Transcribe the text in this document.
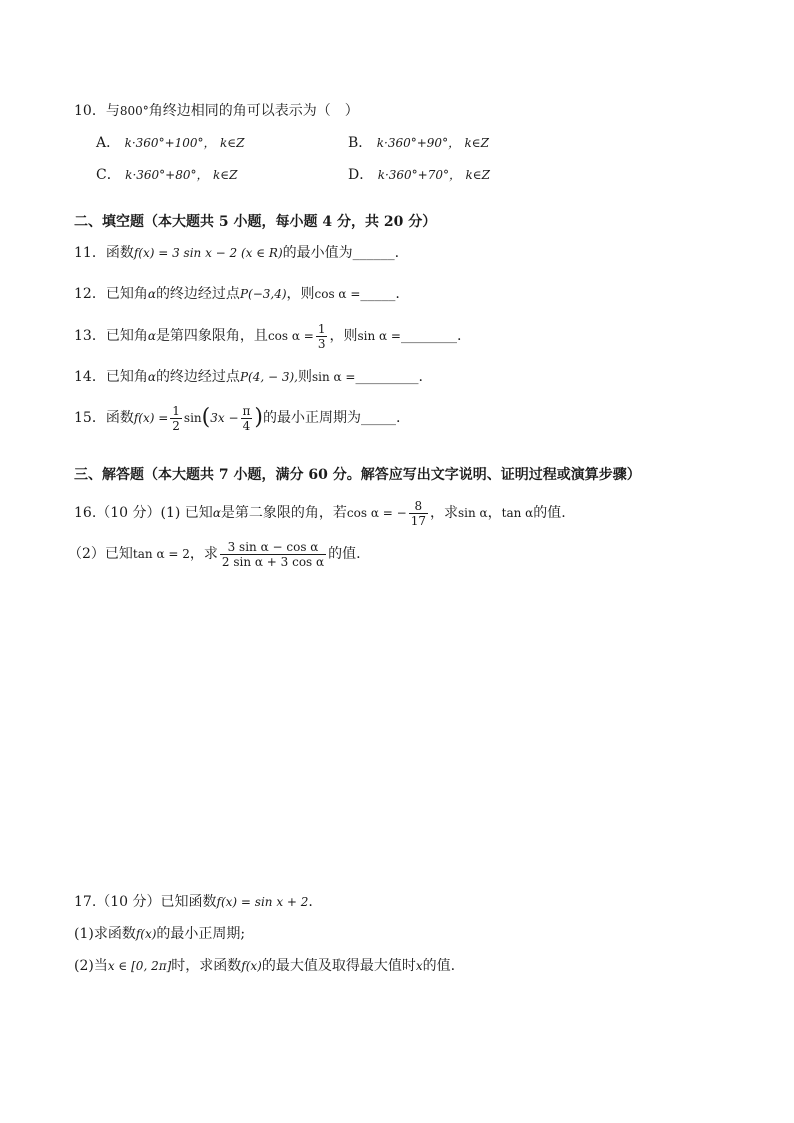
10．与800°角终边相同的角可以表示为（　）
A． k·360°+100°， k∈Z	B． k·360°+90°， k∈Z
C． k·360°+80°， k∈Z	D． k·360°+70°， k∈Z
二、填空题（本大题共 5 小题，每小题 4 分，共 20 分）
11．函数f(x) = 3 sin x − 2 (x ∈ R)的最小值为______.
12．已知角α的终边经过点P(−3,4)，则cos α =_____.
13．已知角α是第四象限角，且$\cos \alpha = \frac{1}{3}$ ，则sin α =________.
14．已知角α的终边经过点P(4, − 3),则sin α =_________.
15．函数$f(x) = \frac{1}{2} \sin(3x - \frac{\pi}{4}$ )的最小正周期为_____.
三、解答题（本大题共 7 小题，满分 60 分。解答应写出文字说明、证明过程或演算步骤）
16.（10 分）(1) 已知α是第二象限的角，若cos α = − $\frac{8}{17}$ ，求sin α，tan α的值.
（2）已知tan α = 2，求 $\frac{\text{3 sin α − cos α}}{\text{2 sin α + 3 cos α}}$ 的值.
17.（10 分）已知函数f(x) = sin x + 2.
(1)求函数f(x)的最小正周期;
(2)当x ∈ [0, 2π]时，求函数f(x)的最大值及取得最大值时x的值.
